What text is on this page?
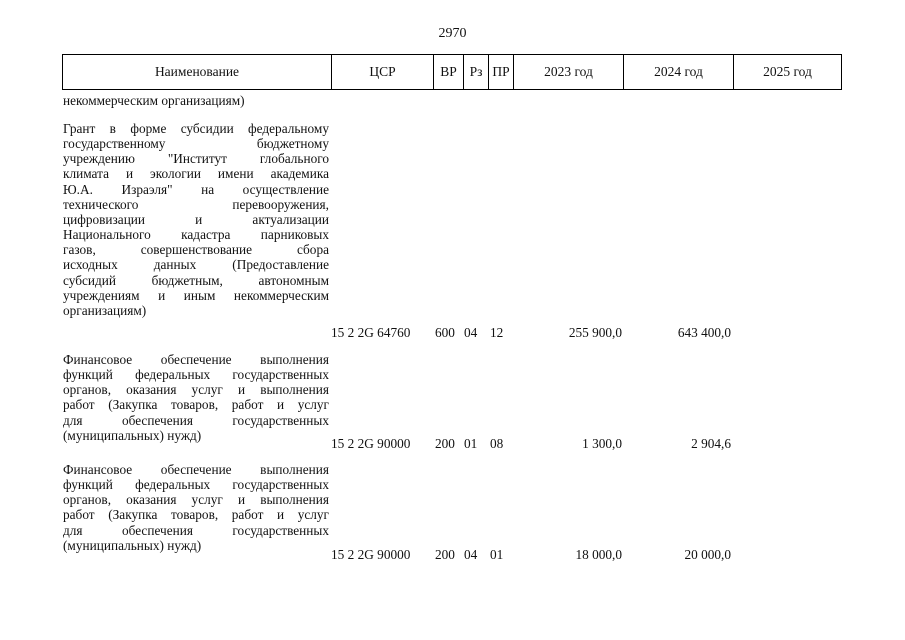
2970
Наименование	ЦСР	ВР Рз ПР	2023 год	2024 год	2025 год
некоммерческим организациям)
Грант в форме субсидии федеральному
государственному бюджетному
учреждению "Институт глобального
климата и экологии имени академика
Ю.А. Израэля" на осуществление
технического перевооружения,
цифровизации и актуализации
Национального кадастра парниковых
газов, совершенствование сбора
исходных данных (Предоставление
субсидий бюджетным, автономным
учреждениям и иным некоммерческим
организациям)
15 2 2G 64760 600 04 12	255 900,0	643 400,0
Финансовое обеспечение выполнения
функций федеральных государственных
органов, оказания услуг и выполнения
работ (Закупка товаров, работ и услуг
для обеспечения государственных
(муниципальных) нужд)
15 2 2G 90000 200 01 08	1 300,0	2 904,6
Финансовое обеспечение выполнения
функций федеральных государственных
органов, оказания услуг и выполнения
работ (Закупка товаров, работ и услуг
для обеспечения государственных
(муниципальных) нужд)
15 2 2G 90000 200 04 01	18 000,0	20 000,0
